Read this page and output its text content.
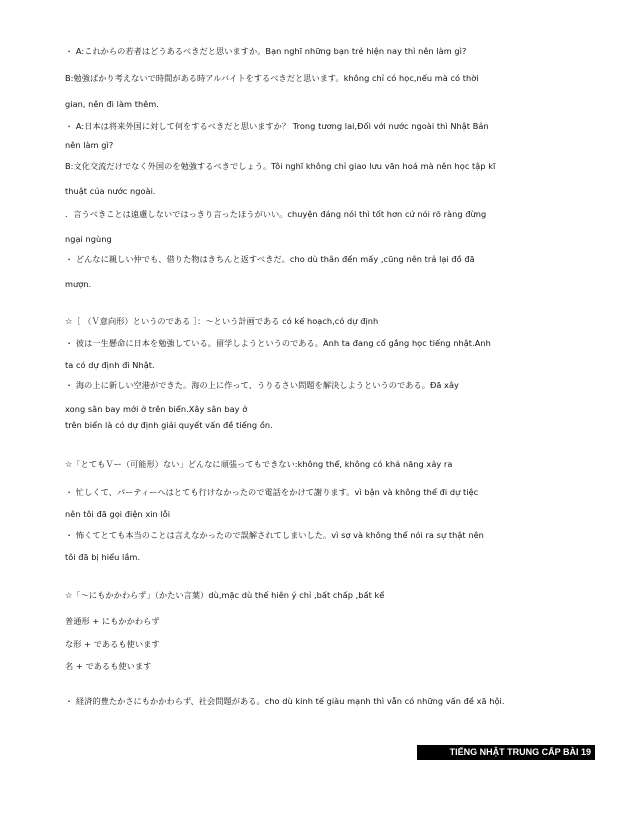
・ A:これからの若者はどうあるべきだと思いますか。Bạn nghĩ những bạn trẻ hiện nay thì nên làm gì?
B:勉強ばかり考えないで時間がある時アルバイトをするべきだと思います。không chỉ có học,nếu mà có thời
gian, nên đi làm thêm.
・ A:日本は将来外国に対して何をするべきだと思いますか？ Trong tương lai,Đối với nước ngoài thì Nhật Bản
nên làm gì?
B:文化交流だけでなく外国のを勉強するべきでしょう。Tôi nghĩ không chỉ giao lưu văn hoá mà nên học tập kĩ
thuật của nước ngoài.
．言うべきことは遠慮しないではっきり言ったほうがいい。chuyện đáng nói thì tốt hơn cứ nói rõ ràng đừng
ngại ngùng
・ どんなに親しい仲でも、借りた物はきちんと返すべきだ。cho dù thân đến mấy ,cũng nên trả lại đồ đã
mượn.
☆［ （Ｖ意向形）というのである ］：～という計画である có kế hoạch,có dự định
・ 彼は一生懸命に日本を勉強している。留学しようというのである。Anh ta đang cố gắng học tiếng nhật.Anh
ta có dự định đi Nhật.
・ 海の上に新しい空港ができた。海の上に作って、うりるさい問題を解決しようというのである。Đã xây
xong sân bay mới ở trên biển.Xây sân bay ở
trên biển là có dự định giải quyết vấn đề tiếng ồn.
☆「とてもＶー（可能形）ない」どんなに頑張ってもできない:không thể, không có khả năng xảy ra
・ 忙しくて、パーティーへはとても行けなかったので電話をかけて謝ります。vì bận và không thể đi dự tiệc
nên tôi đã gọi điện xin lỗi
・ 怖くてとても本当のことは言えなかったので誤解されてしまいした。vì sợ và không thể nói ra sự thật nên
tôi đã bị hiểu lầm.
☆「～にもかかわらず」（かたい言葉）dù,mặc dù thế hiên ý chỉ ,bất chấp ,bất kể
普通形 + にもかかわらず
な形 + であるも使います
名 + であるも使います
・ 経済的豊たかさにもかかわらず、社会問題がある。cho dù kinh tế giàu mạnh thì vẫn có những vấn đề xã hội.
TIẾNG NHẬT TRUNG CẤP BÀI 19
